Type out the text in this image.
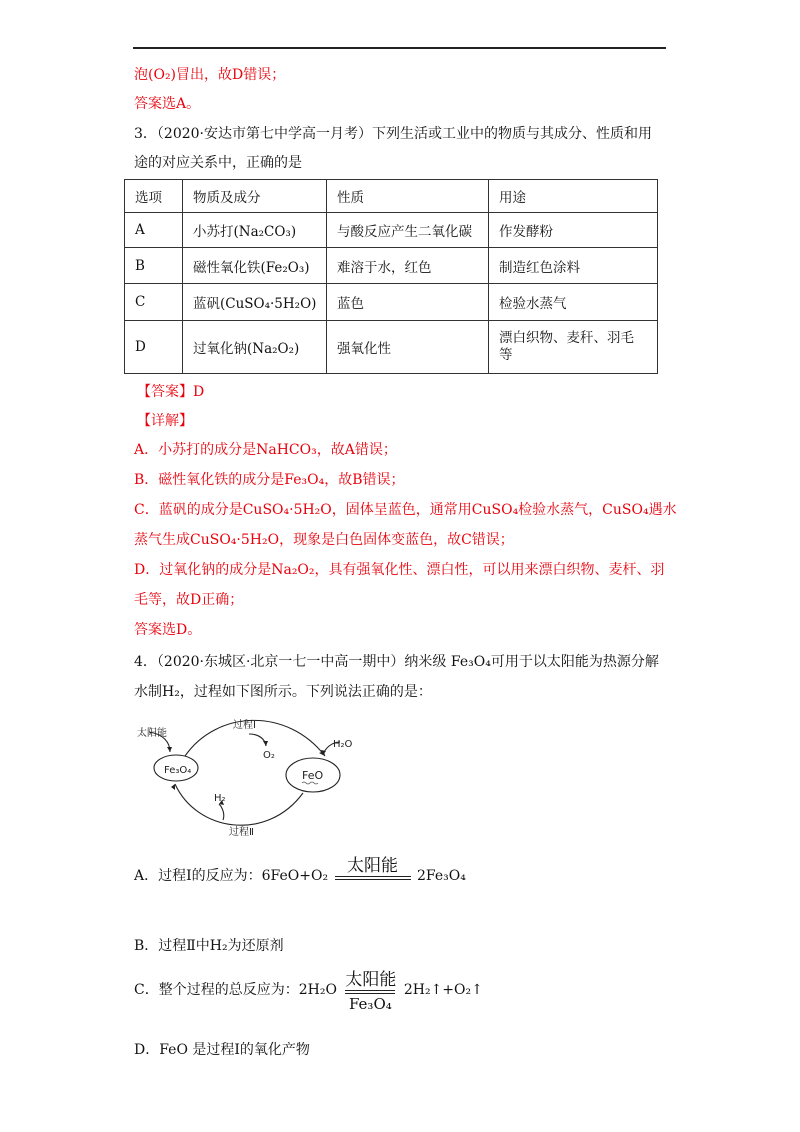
泡(O₂)冒出，故D错误；
答案选A。
3．（2020·安达市第七中学高一月考）下列生活或工业中的物质与其成分、性质和用
途的对应关系中，正确的是
选项	物质及成分	性质	用途
A	小苏打(Na₂CO₃)	与酸反应产生二氧化碳	作发酵粉
B	磁性氧化铁(Fe₂O₃)	难溶于水，红色	制造红色涂料
C	蓝矾(CuSO₄·5H₂O)	蓝色	检验水蒸气
D	过氧化钠(Na₂O₂)	强氧化性	漂白织物、麦秆、羽毛等
【答案】D
【详解】
A．小苏打的成分是NaHCO₃，故A错误；
B．磁性氧化铁的成分是Fe₃O₄，故B错误；
C．蓝矾的成分是CuSO₄·5H₂O，固体呈蓝色，通常用CuSO₄检验水蒸气，CuSO₄遇水
蒸气生成CuSO₄·5H₂O，现象是白色固体变蓝色，故C错误；
D．过氧化钠的成分是Na₂O₂，具有强氧化性、漂白性，可以用来漂白织物、麦杆、羽
毛等，故D正确；
答案选D。
4．（2020·东城区·北京一七一中高一期中）纳米级 Fe₃O₄可用于以太阳能为热源分解
水制H₂，过程如下图所示。下列说法正确的是：
太阳能
过程Ⅰ
O₂
H₂O
Fe₃O₄	FeO
H₂
过程Ⅱ
A．过程Ⅰ的反应为：6FeO+O₂	太阳能	2Fe₃O₄
B．过程Ⅱ中H₂为还原剂
C．整个过程的总反应为：2H₂O 太阳能
Fe₃O₄
2H₂↑+O₂↑
D．FeO 是过程Ⅰ的氧化产物
